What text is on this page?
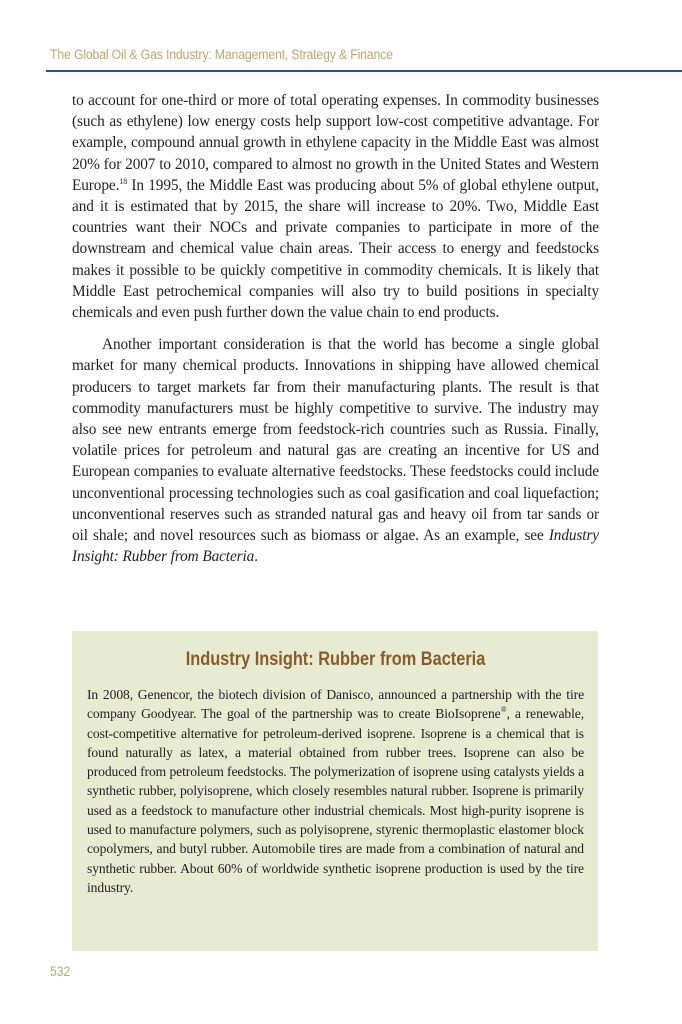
The Global Oil & Gas Industry: Management, Strategy & Finance

to account for one-third or more of total operating expenses. In commodity businesses (such as ethylene) low energy costs help support low-cost competitive advantage. For example, compound annual growth in ethylene capacity in the Middle East was almost 20% for 2007 to 2010, compared to almost no growth in the United States and Western Europe.$^{18}$ In 1995, the Middle East was producing about 5% of global ethylene output, and it is estimated that by 2015, the share will increase to 20%. Two, Middle East countries want their NOCs and private companies to participate in more of the downstream and chemical value chain areas. Their access to energy and feedstocks makes it possible to be quickly competitive in commodity chemicals. It is likely that Middle East petrochemical companies will also try to build positions in specialty chemicals and even push further down the value chain to end products.

Another important consideration is that the world has become a single global market for many chemical products. Innovations in shipping have allowed chemical producers to target markets far from their manufacturing plants. The result is that commodity manufacturers must be highly competitive to survive. The industry may also see new entrants emerge from feedstock-rich countries such as Russia. Finally, volatile prices for petroleum and natural gas are creating an incentive for US and European companies to evaluate alternative feedstocks. These feedstocks could include unconventional processing technologies such as coal gasification and coal liquefaction; unconventional reserves such as stranded natural gas and heavy oil from tar sands or oil shale; and novel resources such as biomass or algae. As an example, see Industry Insight: Rubber from Bacteria.

Industry Insight: Rubber from Bacteria

In 2008, Genencor, the biotech division of Danisco, announced a partnership with the tire company Goodyear. The goal of the partnership was to create BioIsoprene®, a renewable, cost-competitive alternative for petroleum-derived isoprene. Isoprene is a chemical that is found naturally as latex, a material obtained from rubber trees. Isoprene can also be produced from petroleum feedstocks. The polymerization of isoprene using catalysts yields a synthetic rubber, polyisoprene, which closely resembles natural rubber. Isoprene is primarily used as a feedstock to manufacture other industrial chemicals. Most high-purity isoprene is used to manufacture polymers, such as polyisoprene, styrenic thermoplastic elastomer block copolymers, and butyl rubber. Automobile tires are made from a combination of natural and synthetic rubber. About 60% of worldwide synthetic isoprene production is used by the tire industry.

532
